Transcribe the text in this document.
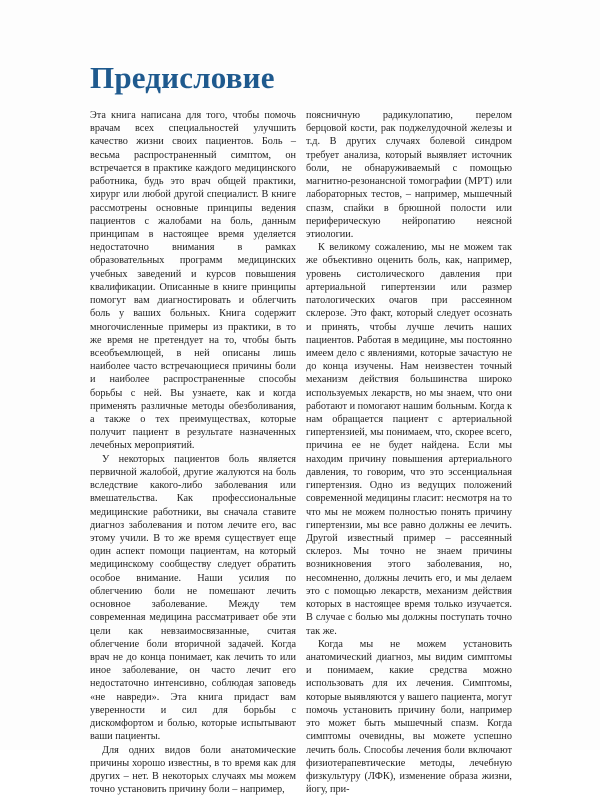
Предисловие

Эта книга написана для того, чтобы помочь врачам всех специальностей улучшить качество жизни своих пациентов. Боль – весьма распространенный симптом, он встречается в практике каждого медицинского работника, будь это врач общей практики, хирург или любой другой специалист. В книге рассмотрены основные принципы ведения пациентов с жалобами на боль, данным принципам в настоящее время уделяется недостаточно внимания в рамках образовательных программ медицинских учебных заведений и курсов повышения квалификации. Описанные в книге принципы помогут вам диагностировать и облегчить боль у ваших больных. Книга содержит многочисленные примеры из практики, в то же время не претендует на то, чтобы быть всеобъемлющей, в ней описаны лишь наиболее часто встречающиеся причины боли и наиболее распространенные способы борьбы с ней. Вы узнаете, как и когда применять различные методы обезболивания, а также о тех преимуществах, которые получит пациент в результате назначенных лечебных мероприятий.

У некоторых пациентов боль является первичной жалобой, другие жалуются на боль вследствие какого-либо заболевания или вмешательства. Как профессиональные медицинские работники, вы сначала ставите диагноз заболевания и потом лечите его, вас этому учили. В то же время существует еще один аспект помощи пациентам, на который медицинскому сообществу следует обратить особое внимание. Наши усилия по облегчению боли не помешают лечить основное заболевание. Между тем современная медицина рассматривает обе эти цели как невзаимосвязанные, считая облегчение боли вторичной задачей. Когда врач не до конца понимает, как лечить то или иное заболевание, он часто лечит его недостаточно интенсивно, соблюдая заповедь «не навреди». Эта книга придаст вам уверенности и сил для борьбы с дискомфортом и болью, которые испытывают ваши пациенты.

Для одних видов боли анатомические причины хорошо известны, в то время как для других – нет. В некоторых случаях мы можем точно установить причину боли – например,

поясничную радикулопатию, перелом берцовой кости, рак поджелудочной железы и т.д. В других случаях болевой синдром требует анализа, который выявляет источник боли, не обнаруживаемый с помощью магнитно-резонансной томографии (МРТ) или лабораторных тестов, – например, мышечный спазм, спайки в брюшной полости или периферическую нейропатию неясной этиологии.

К великому сожалению, мы не можем так же объективно оценить боль, как, например, уровень систолического давления при артериальной гипертензии или размер патологических очагов при рассеянном склерозе. Это факт, который следует осознать и принять, чтобы лучше лечить наших пациентов. Работая в медицине, мы постоянно имеем дело с явлениями, которые зачастую не до конца изучены. Нам неизвестен точный механизм действия большинства широко используемых лекарств, но мы знаем, что они работают и помогают нашим больным. Когда к нам обращается пациент с артериальной гипертензией, мы понимаем, что, скорее всего, причина ее не будет найдена. Если мы находим причину повышения артериального давления, то говорим, что это эссенциальная гипертензия. Одно из ведущих положений современной медицины гласит: несмотря на то что мы не можем полностью понять причину гипертензии, мы все равно должны ее лечить. Другой известный пример – рассеянный склероз. Мы точно не знаем причины возникновения этого заболевания, но, несомненно, должны лечить его, и мы делаем это с помощью лекарств, механизм действия которых в настоящее время только изучается. В случае с болью мы должны поступать точно так же.

Когда мы не можем установить анатомический диагноз, мы видим симптомы и понимаем, какие средства можно использовать для их лечения. Симптомы, которые выявляются у вашего пациента, могут помочь установить причину боли, например это может быть мышечный спазм. Когда симптомы очевидны, вы можете успешно лечить боль. Способы лечения боли включают физиотерапевтические методы, лечебную физкультуру (ЛФК), изменение образа жизни, йогу, при-
